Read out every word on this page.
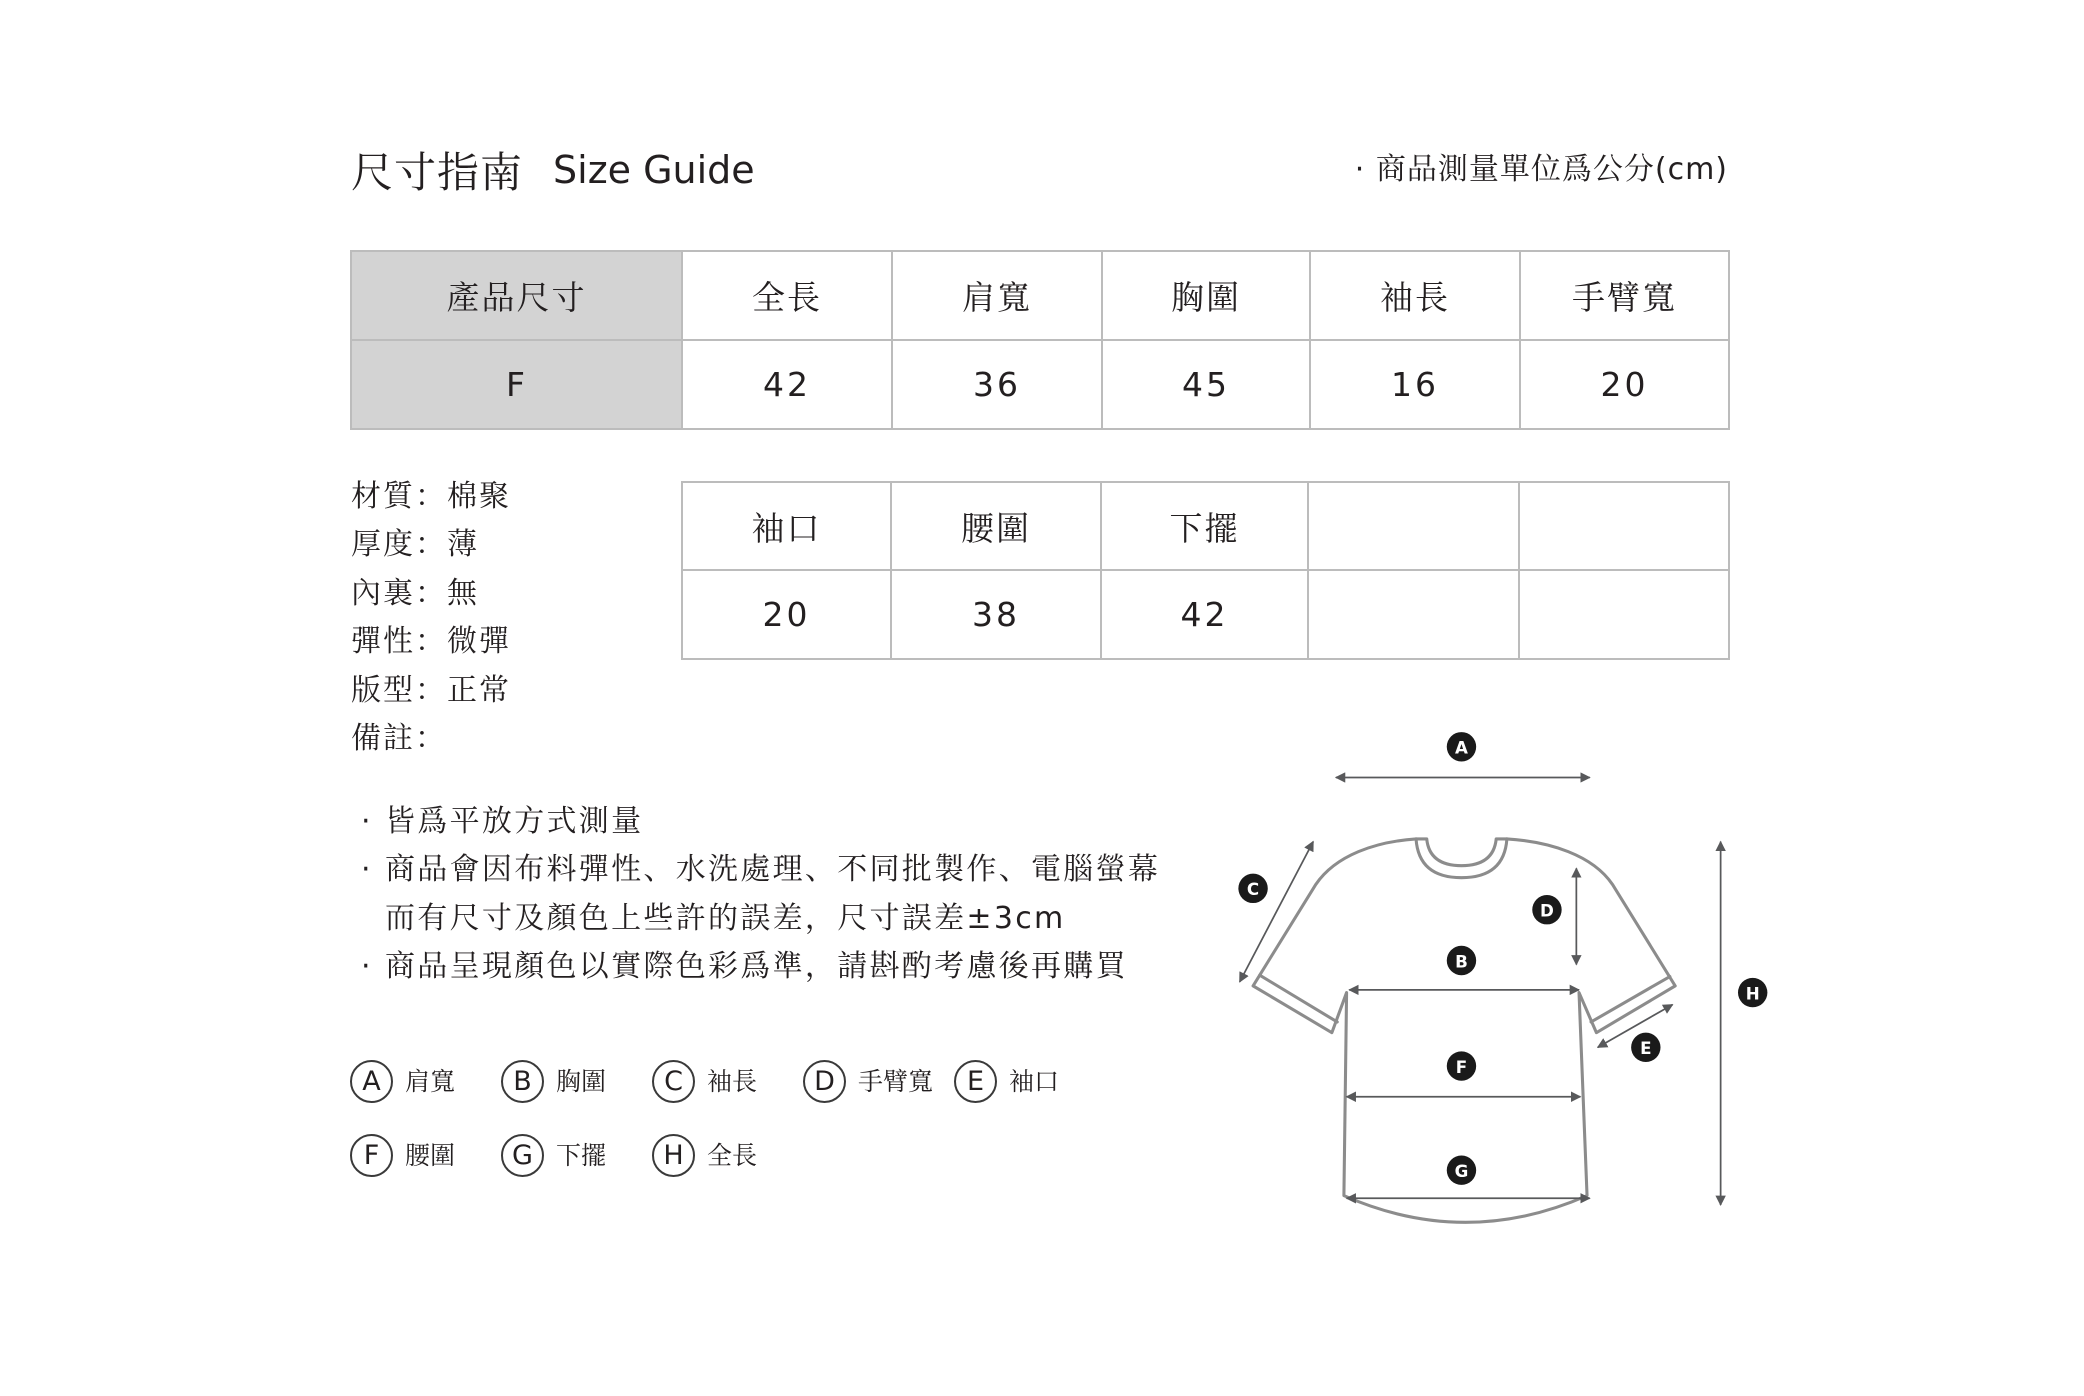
尺寸指南 Size Guide	· 商品測量單位爲公分(cm)
產品尺寸	全長	肩寬	胸圍	袖長	手臂寬
F	42	36	45	16	20
袖口	腰圍	下擺
20	38	42
材質：棉聚
厚度：薄
內裏：無
彈性：微彈
版型：正常
備註：
· 皆爲平放方式測量
· 商品會因布料彈性、水洗處理、不同批製作、電腦螢幕
而有尺寸及顏色上些許的誤差，尺寸誤差±3cm
· 商品呈現顏色以實際色彩爲準，請斟酌考慮後再購買
A 肩寬	B 胸圍	C 袖長	D 手臂寬	E 袖口
F	腰圍	G 下擺	H 全長
A
B
C
D
E
F
G
H
